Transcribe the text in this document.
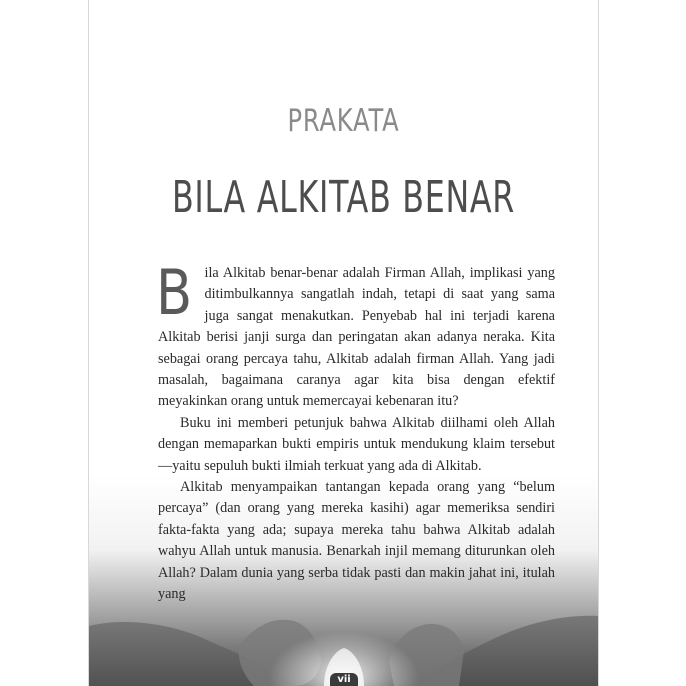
PRAKATA
BILA ALKITAB BENAR

Bila Alkitab benar-benar adalah Firman Allah, implikasi yang ditimbulkannya sangatlah indah, tetapi di saat yang sama juga sangat menakutkan. Penyebab hal ini terjadi karena Alkitab berisi janji surga dan peringatan akan adanya neraka. Kita sebagai orang percaya tahu, Alkitab adalah firman Allah. Yang jadi masalah, bagaimana caranya agar kita bisa dengan efektif meyakinkan orang untuk memercayai kebenaran itu?

Buku ini memberi petunjuk bahwa Alkitab diilhami oleh Allah dengan memaparkan bukti empiris untuk mendukung klaim tersebut—yaitu sepuluh bukti ilmiah terkuat yang ada di Alkitab.

Alkitab menyampaikan tantangan kepada orang yang “belum percaya” (dan orang yang mereka kasihi) agar memeriksa sendiri fakta-fakta yang ada; supaya mereka tahu bahwa Alkitab adalah wahyu Allah untuk manusia. Benarkah injil memang diturunkan oleh Allah? Dalam dunia yang serba tidak pasti dan makin jahat ini, itulah yang

vii
